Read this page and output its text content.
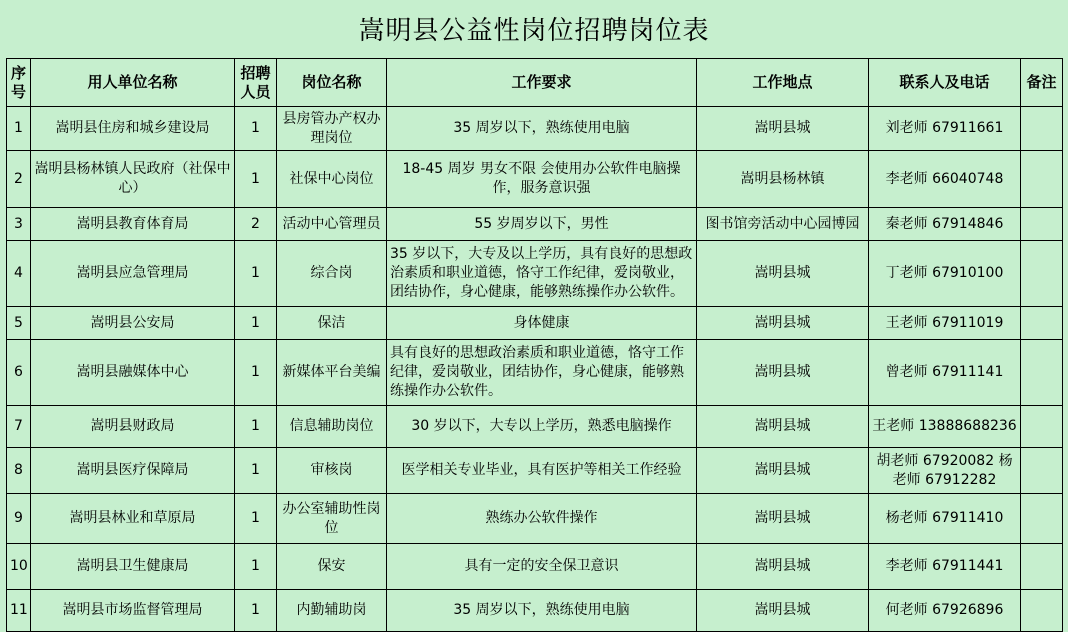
嵩明县公益性岗位招聘岗位表
序号	用人单位名称	招聘人员	岗位名称	工作要求	工作地点	联系人及电话	备注
1	嵩明县住房和城乡建设局	1	县房管办产权办理岗位	35 周岁以下，熟练使用电脑	嵩明县城	刘老师 67911661	
2	嵩明县杨林镇人民政府（社保中心）	1	社保中心岗位	18-45 周岁 男女不限 会使用办公软件电脑操作，服务意识强	嵩明县杨林镇	李老师 66040748	
3	嵩明县教育体育局	2	活动中心管理员	55 岁周岁以下，男性	图书馆旁活动中心园博园	秦老师 67914846	
4	嵩明县应急管理局	1	综合岗	35 岁以下，大专及以上学历，具有良好的思想政治素质和职业道德，恪守工作纪律，爱岗敬业，团结协作，身心健康，能够熟练操作办公软件。	嵩明县城	丁老师 67910100	
5	嵩明县公安局	1	保洁	身体健康	嵩明县城	王老师 67911019	
6	嵩明县融媒体中心	1	新媒体平台美编	具有良好的思想政治素质和职业道德，恪守工作纪律，爱岗敬业，团结协作，身心健康，能够熟练操作办公软件。	嵩明县城	曾老师 67911141	
7	嵩明县财政局	1	信息辅助岗位	30 岁以下，大专以上学历，熟悉电脑操作	嵩明县城	王老师 13888688236	
8	嵩明县医疗保障局	1	审核岗	医学相关专业毕业，具有医护等相关工作经验	嵩明县城	胡老师 67920082 杨老师 67912282	
9	嵩明县林业和草原局	1	办公室辅助性岗位	熟练办公软件操作	嵩明县城	杨老师 67911410	
10	嵩明县卫生健康局	1	保安	具有一定的安全保卫意识	嵩明县城	李老师 67911441	
11	嵩明县市场监督管理局	1	内勤辅助岗	35 周岁以下，熟练使用电脑	嵩明县城	何老师 67926896	
